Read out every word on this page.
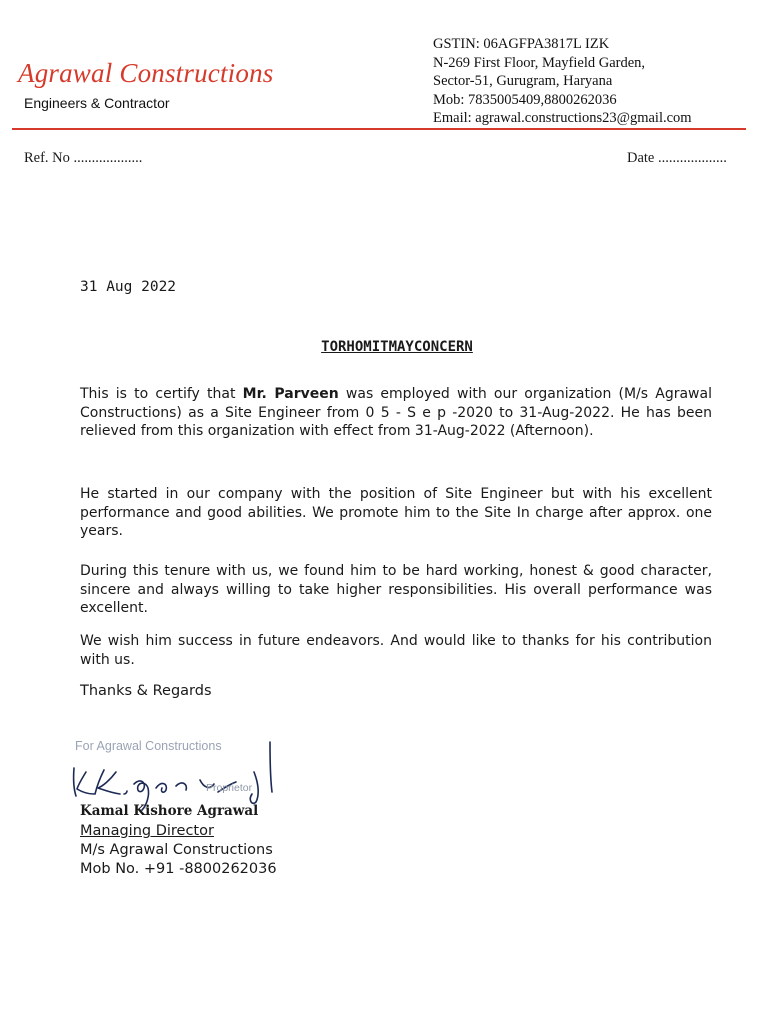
Agrawal Constructions
Engineers & Contractor
GSTIN: 06AGFPA3817L IZK
N-269 First Floor, Mayfield Garden,
Sector-51, Gurugram, Haryana
Mob: 7835005409,8800262036
Email: agrawal.constructions23@gmail.com
Ref. No ...................	Date ...................
31 Aug 2022
TORHOMITMAYCONCERN
This is to certify that Mr. Parveen was employed with our organization (M/s Agrawal Constructions) as a Site Engineer from 0 5 - S e p -2020 to 31-Aug-2022. He has been relieved from this organization with effect from 31-Aug-2022 (Afternoon).
He started in our company with the position of Site Engineer but with his excellent performance and good abilities. We promote him to the Site In charge after approx. one years.
During this tenure with us, we found him to be hard working, honest & good character, sincere and always willing to take higher responsibilities. His overall performance was excellent.
We wish him success in future endeavors. And would like to thanks for his contribution with us.
Thanks & Regards
For Agrawal Constructions
Proprietor
Kamal Kishore Agrawal
Managing Director
M/s Agrawal Constructions
Mob No. +91 -8800262036
